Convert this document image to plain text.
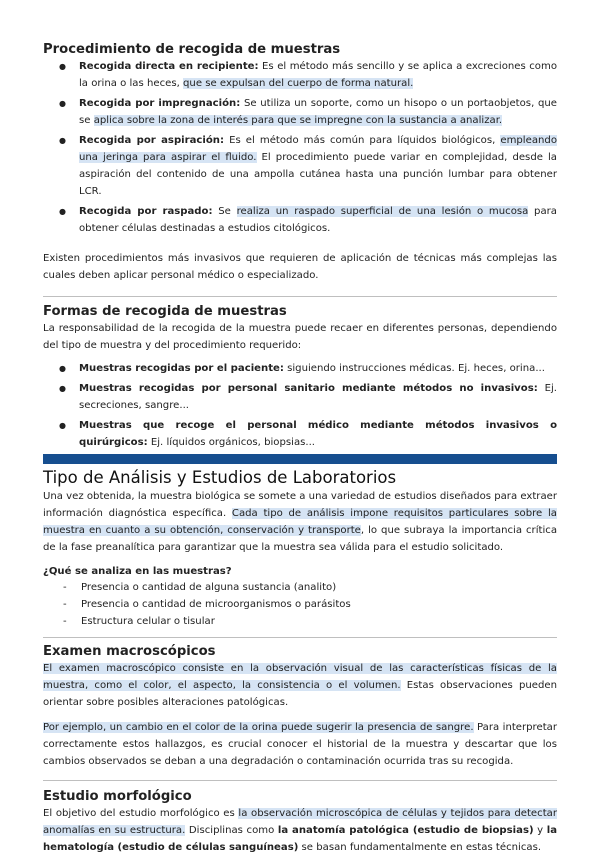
Procedimiento de recogida de muestras
● Recogida directa en recipiente: Es el método más sencillo y se aplica a excreciones como la orina o las heces, que se expulsan del cuerpo de forma natural.
● Recogida por impregnación: Se utiliza un soporte, como un hisopo o un portaobjetos, que se aplica sobre la zona de interés para que se impregne con la sustancia a analizar.
● Recogida por aspiración: Es el método más común para líquidos biológicos, empleando una jeringa para aspirar el fluido. El procedimiento puede variar en complejidad, desde la aspiración del contenido de una ampolla cutánea hasta una punción lumbar para obtener LCR.
● Recogida por raspado: Se realiza un raspado superficial de una lesión o mucosa para obtener células destinadas a estudios citológicos.

Existen procedimientos más invasivos que requieren de aplicación de técnicas más complejas las cuales deben aplicar personal médico o especializado.

Formas de recogida de muestras

La responsabilidad de la recogida de la muestra puede recaer en diferentes personas, dependiendo del tipo de muestra y del procedimiento requerido:

● Muestras recogidas por el paciente: siguiendo instrucciones médicas. Ej. heces, orina...
● Muestras recogidas por personal sanitario mediante métodos no invasivos: Ej. secreciones, sangre...
● Muestras que recoge el personal médico mediante métodos invasivos o quirúrgicos: Ej. líquidos orgánicos, biopsias...
Tipo de Análisis y Estudios de Laboratorios

Una vez obtenida, la muestra biológica se somete a una variedad de estudios diseñados para extraer información diagnóstica específica. Cada tipo de análisis impone requisitos particulares sobre la muestra en cuanto a su obtención, conservación y transporte, lo que subraya la importancia crítica de la fase preanalítica para garantizar que la muestra sea válida para el estudio solicitado.

¿Qué se analiza en las muestras?

- Presencia o cantidad de alguna sustancia (analito)
- Presencia o cantidad de microorganismos o parásitos
- Estructura celular o tisular
Examen macroscópicos

El examen macroscópico consiste en la observación visual de las características físicas de la muestra, como el color, el aspecto, la consistencia o el volumen. Estas observaciones pueden orientar sobre posibles alteraciones patológicas.

Por ejemplo, un cambio en el color de la orina puede sugerir la presencia de sangre. Para interpretar correctamente estos hallazgos, es crucial conocer el historial de la muestra y descartar que los cambios observados se deban a una degradación o contaminación ocurrida tras su recogida.

Estudio morfológico

El objetivo del estudio morfológico es la observación microscópica de células y tejidos para detectar anomalías en su estructura. Disciplinas como la anatomía patológica (estudio de biopsias) y la hematología (estudio de células sanguíneas) se basan fundamentalmente en estas técnicas.
